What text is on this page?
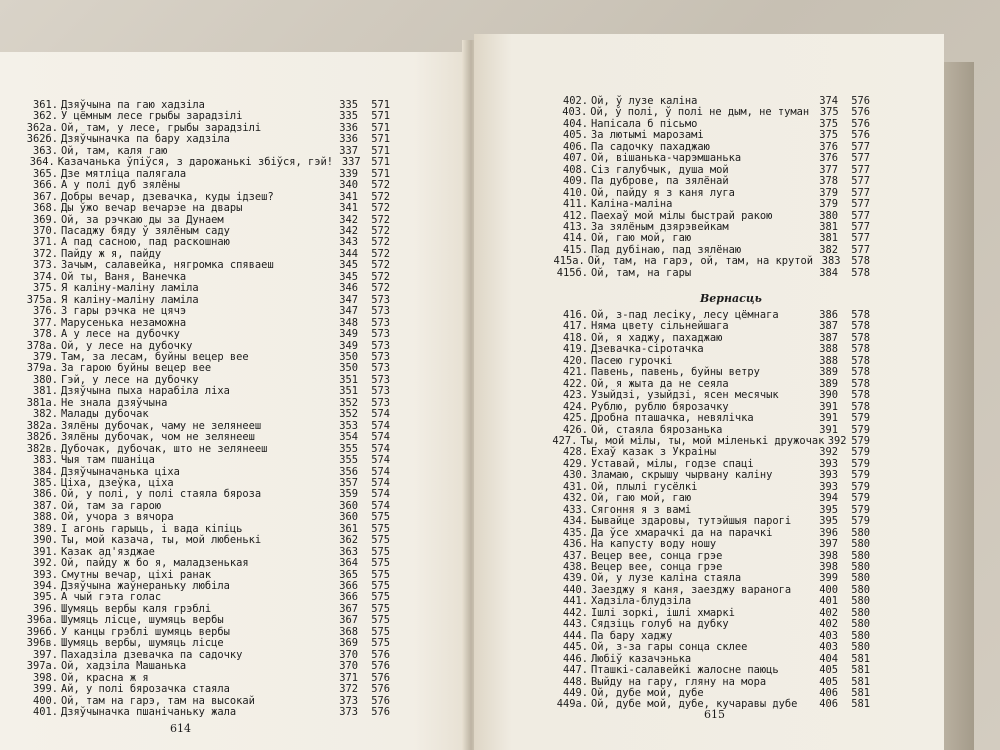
361. Дзяўчына па гаю хадзіла	335	571
362. У цёмным лесе грыбы зарадзілі	335	571
362а. Ой, там, у лесе, грыбы зарадзілі	336	571
362б. Дзяўчыначка па бару хадзіла	336	571
363. Ой, там, каля гаю	337	571
364. Казачанька ўпіўся, з дарожанькі збіўся, гэй! 337	571
365. Дзе мятліца палягала	339	571
366. А у полі дуб зялёны	340	572
367. Добры вечар, дзевачка, куды ідзеш?	341	572
368. Ды ўжо вечар вечарэе на двары	341	572
369. Ой, за рэчкаю ды за Дунаем	342	572
370. Пасаджу бяду ў зялёным саду	342	572
371. А пад сасною, пад раскошнаю	343	572
372. Пайду ж я, пайду	344	572
373. Зачым, салавейка, нягромка спяваеш	345	572
374. Ой ты, Ваня, Ванечка	345	572
375. Я каліну-маліну ламіла	346	572
375а. Я каліну-маліну ламіла	347	573
376. З гары рэчка не цячэ	347	573
377. Марусенька незаможна	348	573
378. А у лесе на дубочку	349	573
378а. Ой, у лесе на дубочку	349	573
379. Там, за лесам, буйны вецер вее	350	573
379а. За гарою буйны вецер вее	350	573
380. Гэй, у лесе на дубочку	351	573
381. Дзяўчына пыха нарабіла ліха	351	573
381а. Не знала дзяўчына	352	573
382. Малады дубочак	352	574
382а. Зялёны дубочак, чаму не зелянееш	353	574
382б. Зялёны дубочак, чом не зелянееш	354	574
382в. Дубочак, дубочак, што не зелянееш	355	574
383. Чыя там пшаніца	355	574
384. Дзяўчыначанька ціха	356	574
385. Ціха, дзеўка, ціха	357	574
386. Ой, у полі, у полі стаяла бяроза	359	574
387. Ой, там за гарою	360	574
388. Ой, учора з вячора	360	575
389. І агонь гарыць, і вада кіпіць	361	575
390. Ты, мой казача, ты, мой любенькі	362	575
391. Казак ад'язджае	363	575
392. Ой, пайду ж бо я, маладзенькая	364	575
393. Смутны вечар, ціхі ранак	365	575
394. Дзяўчына жаўнераньку любіла	366	575
395. А чый гэта голас	366	575
396. Шумяць вербы каля грэблі	367	575
396а. Шумяць лісце, шумяць вербы	367	575
396б. У канцы грэблі шумяць вербы	368	575
396в. Шумяць вербы, шумяць лісце	369	575
397. Пахадзіла дзевачка па садочку	370	576
397а. Ой, хадзіла Машанька	370	576
398. Ой, красна ж я	371	576
399. Ай, у полі бярозачка стаяла	372	576
400. Ой, там на гарэ, там на высокай	373	576
401. Дзяўчыначка пшанічаньку жала	373	576
402. Ой, ў лузе каліна	374	576
403. Ой, ў полі, ў полі не дым, не туман	375	576
404. Напісала б пісьмо	375	576
405. За лютымі марозамі	375	576
406. Па садочку пахаджаю	376	577
407. Ой, вішанька-чарэмшанька	376	577
408. Сіз галубчык, душа мой	377	577
409. Па дуброве, па зялёнай	378	577
410. Ой, пайду я з каня луга	379	577
411. Каліна-маліна	379	577
412. Паехаў мой мілы быстрай ракою	380	577
413. За зялёным дзярэвейкам	381	577
414. Ой, гаю мой, гаю	381	577
415. Пад дубінаю, пад зялёнаю	382	577
415а. Ой, там, на гарэ, ой, там, на крутой 383	578
415б. Ой, там, на гары	384	578
Вернасць
416. Ой, з-пад лесіку, лесу цёмнага	386	578
417. Няма цвету сільнейшага	387	578
418. Ой, я хаджу, пахаджаю	387	578
419. Дзевачка-сіротачка	388	578
420. Пасею гурочкі	388	578
421. Павень, павень, буйны ветру	389	578
422. Ой, я жыта да не сеяла	389	578
423. Узыйдзі, узыйдзі, ясен месячык	390	578
424. Рублю, рублю бярозачку	391	578
425. Дробна пташачка, невялічка	391	579
426. Ой, стаяла бярозанька	391	579
427. Ты, мой мілы, ты, мой міленькі дружочак 392 579
428. Ехаў казак з Украіны	392	579
429. Уставай, мілы, годзе спаці	393	579
430. Зламаю, скрышу чырвану каліну	393	579
431. Ой, плылі гусёлкі	393	579
432. Ой, гаю мой, гаю	394	579
433. Сягоння я з вамі	395	579
434. Бывайце здаровы, тутэйшыя парогі	395	579
435. Да ўсе хмарачкі да на парачкі	396	580
436. На капусту воду ношу	397	580
437. Вецер вее, сонца грэе	398	580
438. Вецер вее, сонца грэе	398	580
439. Ой, у лузе каліна стаяла	399	580
440. Заезджу я каня, заезджу варанога	400	580
441. Хадзіла-блудзіла	401	580
442. Ішлі зоркі, ішлі хмаркі	402	580
443. Сядзіць голуб на дубку	402	580
444. Па бару хаджу	403	580
445. Ой, з-за гары сонца склее	403	580
446. Любіў казачэнька	404	581
447. Пташкі-салавейкі жалосне паюць	405	581
448. Выйду на гару, гляну на мора	405	581
449. Ой, дубе мой, дубе	406	581
449а. Ой, дубе мой, дубе, кучаравы дубе	406	581
614
615
